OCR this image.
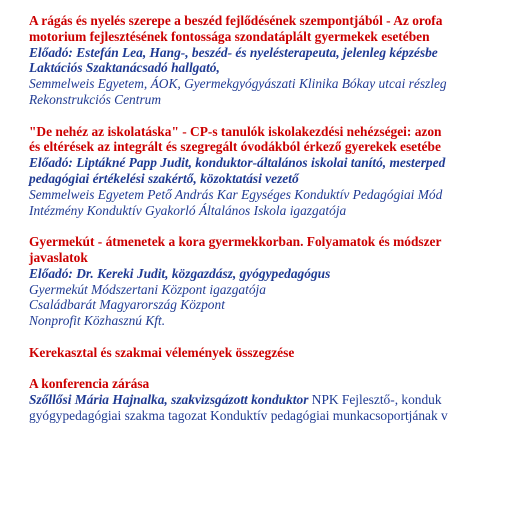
A rágás és nyelés szerepe a beszéd fejlődésének szempontjából - Az orofa
motorium fejlesztésének fontossága szondatáplált gyermekek esetében
Előadó: Estefán Lea, Hang-, beszéd- és nyelésterapeuta, jelenleg képzésbe
Laktációs Szaktanácsadó hallgató,
Semmelweis Egyetem, ÁOK, Gyermekgyógyászati Klinika Bókay utcai részleg
Rekonstrukciós Centrum
"De nehéz az iskolatáska" - CP-s tanulók iskolakezdési nehézségei: azon
és eltérések az integrált és szegregált óvodákból érkező gyerekek esetébe
Előadó: Liptákné Papp Judit, konduktor-általános iskolai tanító, mesterped
pedagógiai értékelési szakértő, közoktatási vezető
Semmelweis Egyetem Pető András Kar Egységes Konduktív Pedagógiai Mód
Intézmény Konduktív Gyakorló Általános Iskola igazgatója
Gyermekút - átmenetek a kora gyermekkorban. Folyamatok és módszer
javaslatok
Előadó: Dr. Kereki Judit, közgazdász, gyógypedagógus
Gyermekút Módszertani Központ igazgatója
Családbarát Magyarország Központ
Nonprofit Közhasznú Kft.
Kerekasztal és szakmai vélemények összegzése
A konferencia zárása
Szőllősi Mária Hajnalka, szakvizsgázott konduktor NPK Fejlesztő-, konduk
gyógypedagógiai szakma tagozat Konduktív pedagógiai munkacsoportjának v
